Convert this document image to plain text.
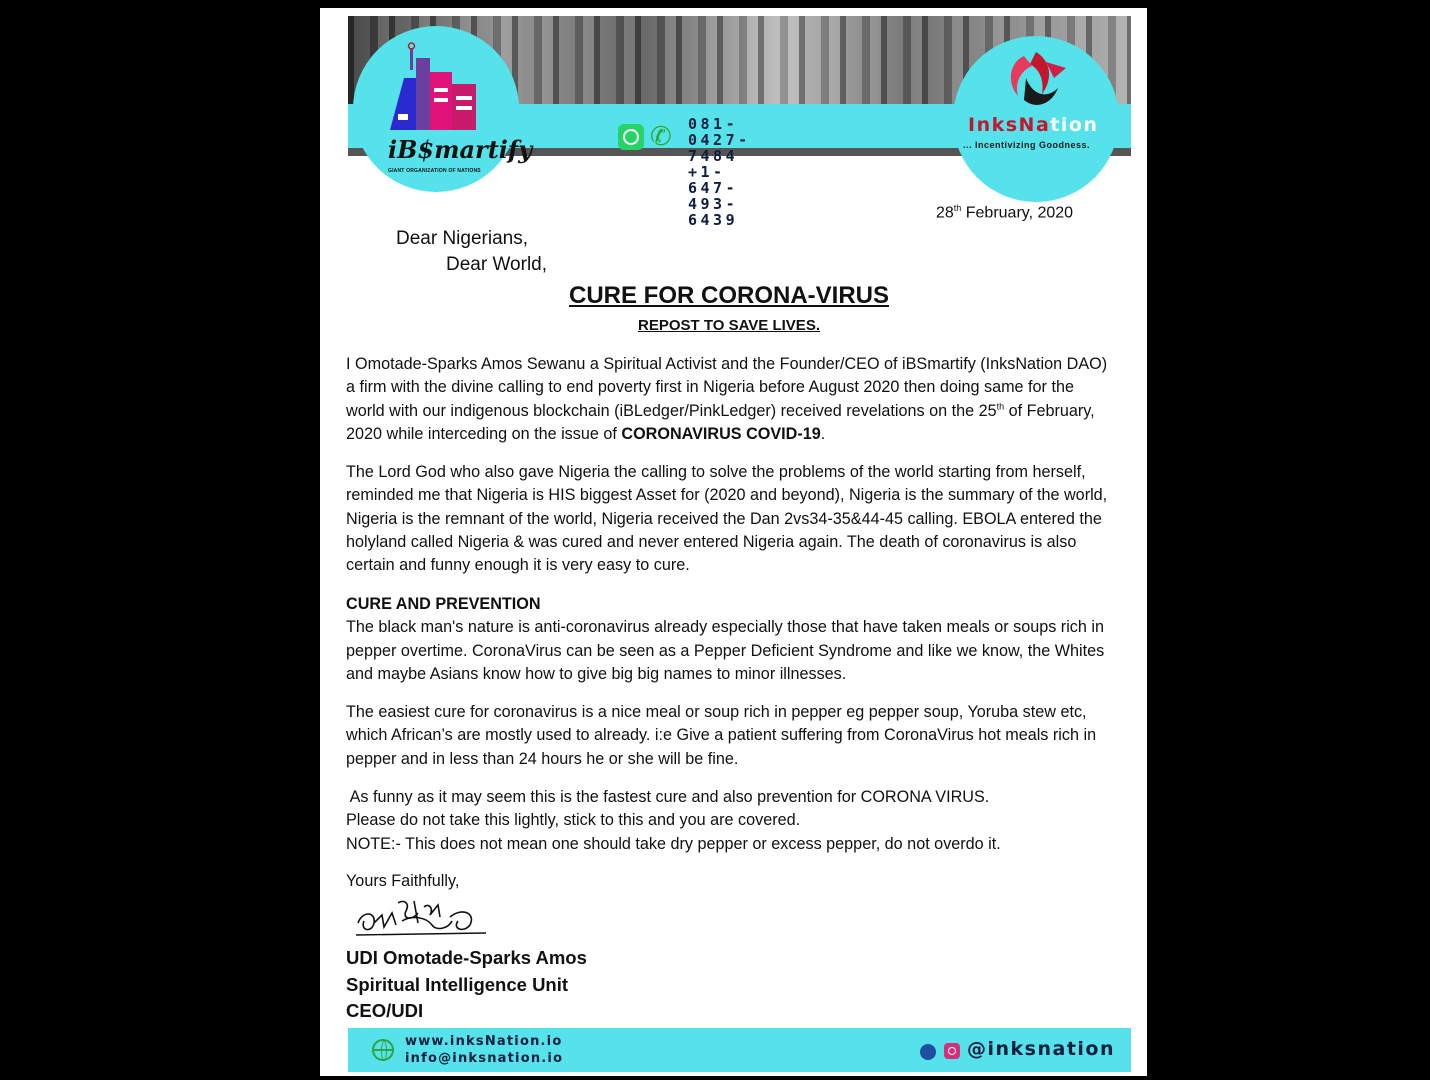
✆	081-0427-7484
+1-647-493-6439
iB$martify
GIANT ORGANIZATION OF NATIONS
InksNation
... Incentivizing Goodness.
28th February, 2020
Dear Nigerians,
Dear World,
CURE FOR CORONA-VIRUS
REPOST TO SAVE LIVES.

I Omotade-Sparks Amos Sewanu a Spiritual Activist and the Founder/CEO of iBSmartify (InksNation DAO) a firm with the divine calling to end poverty first in Nigeria before August 2020 then doing same for the world with our indigenous blockchain (iBLedger/PinkLedger) received revelations on the 25th of February, 2020 while interceding on the issue of CORONAVIRUS COVID-19.

The Lord God who also gave Nigeria the calling to solve the problems of the world starting from herself, reminded me that Nigeria is HIS biggest Asset for (2020 and beyond), Nigeria is the summary of the world, Nigeria is the remnant of the world, Nigeria received the Dan 2vs34-35&44-45 calling. EBOLA entered the holyland called Nigeria & was cured and never entered Nigeria again. The death of coronavirus is also certain and funny enough it is very easy to cure.

CURE AND PREVENTION

The black man's nature is anti-coronavirus already especially those that have taken meals or soups rich in pepper overtime. CoronaVirus can be seen as a Pepper Deficient Syndrome and like we know, the Whites and maybe Asians know how to give big big names to minor illnesses.

The easiest cure for coronavirus is a nice meal or soup rich in pepper eg pepper soup, Yoruba stew etc, which African’s are mostly used to already. i:e Give a patient suffering from CoronaVirus hot meals rich in pepper and in less than 24 hours he or she will be fine.

As funny as it may seem this is the fastest cure and also prevention for CORONA VIRUS.

Please do not take this lightly, stick to this and you are covered.

NOTE:- This does not mean one should take dry pepper or excess pepper, do not overdo it.

Yours Faithfully,

UDI Omotade-Sparks Amos
Spiritual Intelligence Unit
CEO/UDI
www.inksNation.io
info@inksnation.io	@inksnation
